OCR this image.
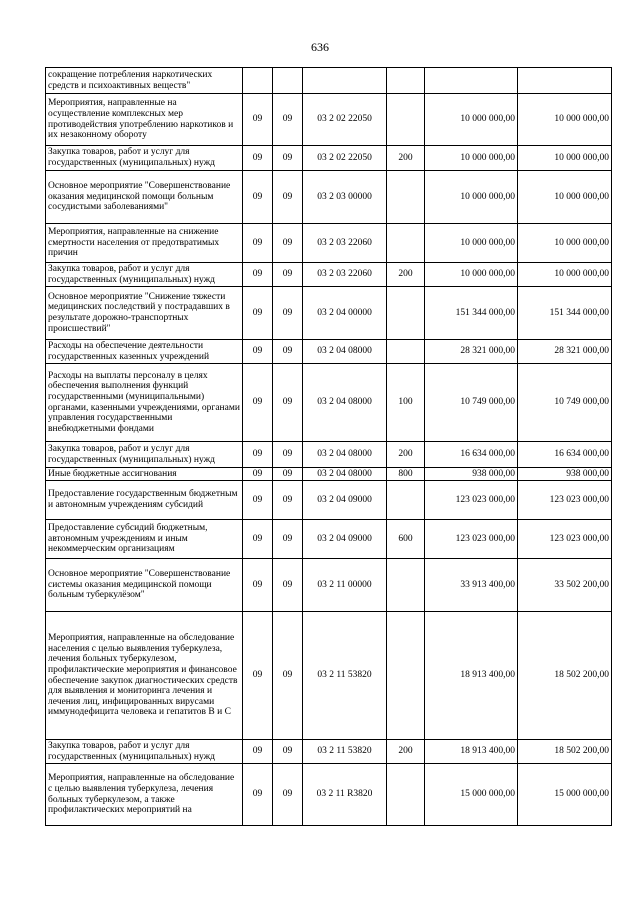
636
сокращение потребления наркотических средств и психоактивных веществ"						
Мероприятия, направленные на осуществление комплексных мер противодействия употреблению наркотиков и их незаконному обороту	09	09	03 2 02 22050		10 000 000,00	10 000 000,00
Закупка товаров, работ и услуг для государственных (муниципальных) нужд	09	09	03 2 02 22050	200	10 000 000,00	10 000 000,00
Основное мероприятие "Совершенствование оказания медицинской помощи больным сосудистыми заболеваниями"	09	09	03 2 03 00000		10 000 000,00	10 000 000,00
Мероприятия, направленные на снижение смертности населения от предотвратимых причин	09	09	03 2 03 22060		10 000 000,00	10 000 000,00
Закупка товаров, работ и услуг для государственных (муниципальных) нужд	09	09	03 2 03 22060	200	10 000 000,00	10 000 000,00
Основное мероприятие "Снижение тяжести медицинских последствий у пострадавших в результате дорожно-транспортных происшествий"	09	09	03 2 04 00000		151 344 000,00	151 344 000,00
Расходы на обеспечение деятельности государственных казенных учреждений	09	09	03 2 04 08000		28 321 000,00	28 321 000,00
Расходы на выплаты персоналу в целях обеспечения выполнения функций государственными (муниципальными) органами, казенными учреждениями, органами управления государственными внебюджетными фондами	09	09	03 2 04 08000	100	10 749 000,00	10 749 000,00
Закупка товаров, работ и услуг для государственных (муниципальных) нужд	09	09	03 2 04 08000	200	16 634 000,00	16 634 000,00
Иные бюджетные ассигнования	09	09	03 2 04 08000	800	938 000,00	938 000,00
Предоставление государственным бюджетным и автономным учреждениям субсидий	09	09	03 2 04 09000		123 023 000,00	123 023 000,00
Предоставление субсидий бюджетным, автономным учреждениям и иным некоммерческим организациям	09	09	03 2 04 09000	600	123 023 000,00	123 023 000,00
Основное мероприятие "Совершенствование системы оказания медицинской помощи больным туберкулёзом"	09	09	03 2 11 00000		33 913 400,00	33 502 200,00
Мероприятия, направленные на обследование населения с целью выявления туберкулеза, лечения больных туберкулезом, профилактические мероприятия и финансовое обеспечение закупок диагностических средств для выявления и мониторинга лечения и лечения лиц, инфицированных вирусами иммунодефицита человека и гепатитов В и С	09	09	03 2 11 53820		18 913 400,00	18 502 200,00
Закупка товаров, работ и услуг для государственных (муниципальных) нужд	09	09	03 2 11 53820	200	18 913 400,00	18 502 200,00
Мероприятия, направленные на обследование с целью выявления туберкулеза, лечения больных туберкулезом, а также профилактических мероприятий на	09	09	03 2 11 R3820		15 000 000,00	15 000 000,00
